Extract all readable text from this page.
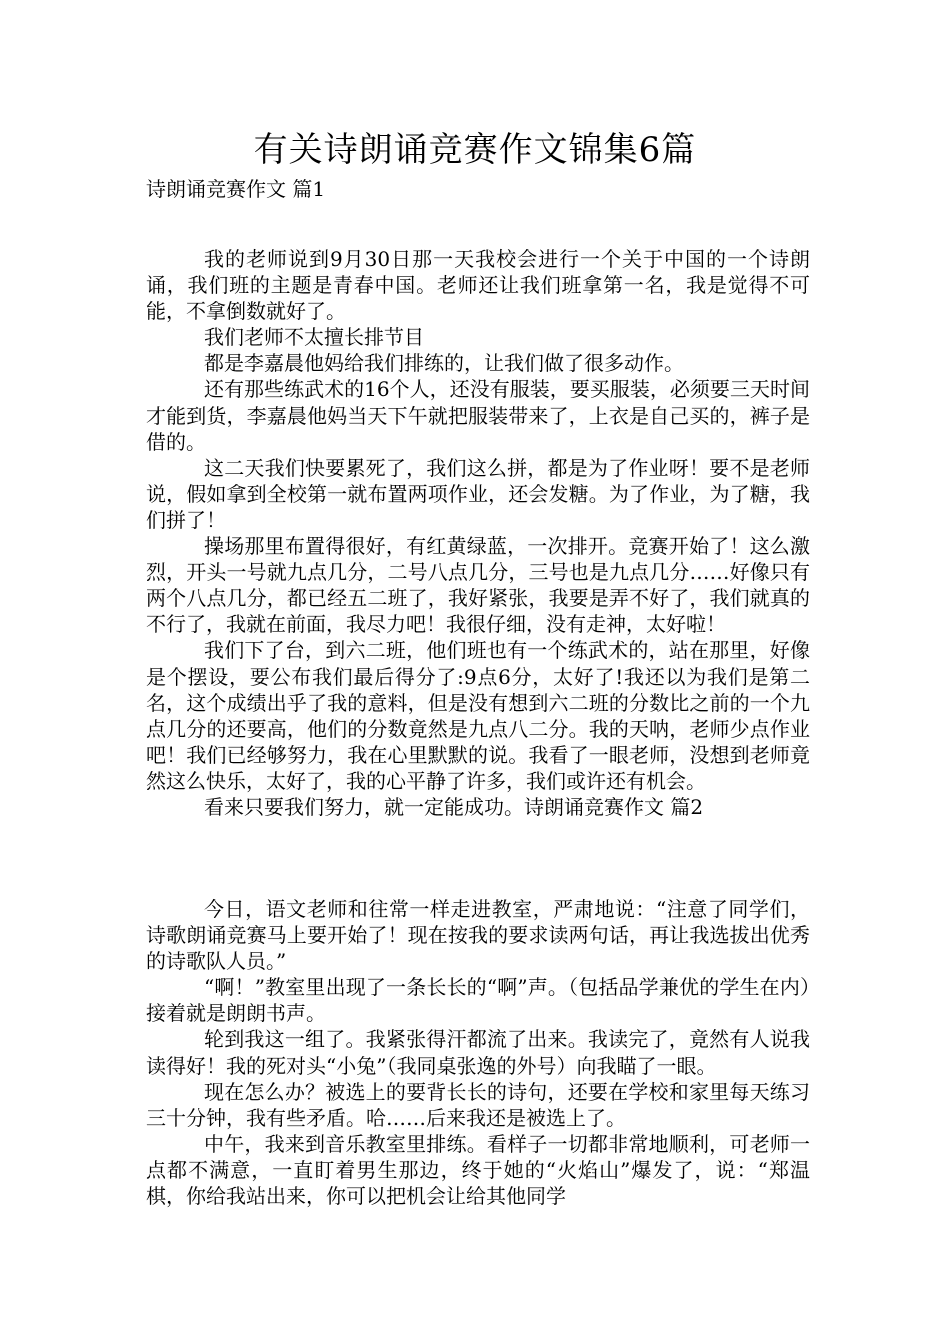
有关诗朗诵竞赛作文锦集6篇
诗朗诵竞赛作文 篇1

我的老师说到9月30日那一天我校会进行一个关于中国的一个诗朗诵，我们班的主题是青春中国。老师还让我们班拿第一名，我是觉得不可能，不拿倒数就好了。

我们老师不太擅长排节目

都是李嘉晨他妈给我们排练的，让我们做了很多动作。

还有那些练武术的16个人，还没有服装，要买服装，必须要三天时间才能到货，李嘉晨他妈当天下午就把服装带来了，上衣是自己买的，裤子是借的。

这二天我们快要累死了，我们这么拼，都是为了作业呀！要不是老师说，假如拿到全校第一就布置两项作业，还会发糖。为了作业，为了糖，我们拼了！

操场那里布置得很好，有红黄绿蓝，一次排开。竞赛开始了！这么激烈，开头一号就九点几分，二号八点几分，三号也是九点几分……好像只有两个八点几分，都已经五二班了，我好紧张，我要是弄不好了，我们就真的不行了，我就在前面，我尽力吧！我很仔细，没有走神，太好啦！

我们下了台，到六二班，他们班也有一个练武术的，站在那里，好像是个摆设，要公布我们最后得分了:9点6分，太好了!我还以为我们是第二名，这个成绩出乎了我的意料，但是没有想到六二班的分数比之前的一个九点几分的还要高，他们的分数竟然是九点八二分。我的天呐，老师少点作业吧！我们已经够努力，我在心里默默的说。我看了一眼老师，没想到老师竟然这么快乐，太好了，我的心平静了许多，我们或许还有机会。

看来只要我们努力，就一定能成功。诗朗诵竞赛作文 篇2

今日，语文老师和往常一样走进教室，严肃地说：“注意了同学们，诗歌朗诵竞赛马上要开始了！现在按我的要求读两句话，再让我选拔出优秀的诗歌队人员。”

“啊！”教室里出现了一条长长的“啊”声。（包括品学兼优的学生在内）接着就是朗朗书声。

轮到我这一组了。我紧张得汗都流了出来。我读完了，竟然有人说我读得好！我的死对头“小兔”（我同桌张逸的外号）向我瞄了一眼。

现在怎么办？被选上的要背长长的诗句，还要在学校和家里每天练习三十分钟，我有些矛盾。哈……后来我还是被选上了。

中午，我来到音乐教室里排练。看样子一切都非常地顺利，可老师一点都不满意，一直盯着男生那边，终于她的“火焰山”爆发了，说：“郑温棋，你给我站出来，你可以把机会让给其他同学
